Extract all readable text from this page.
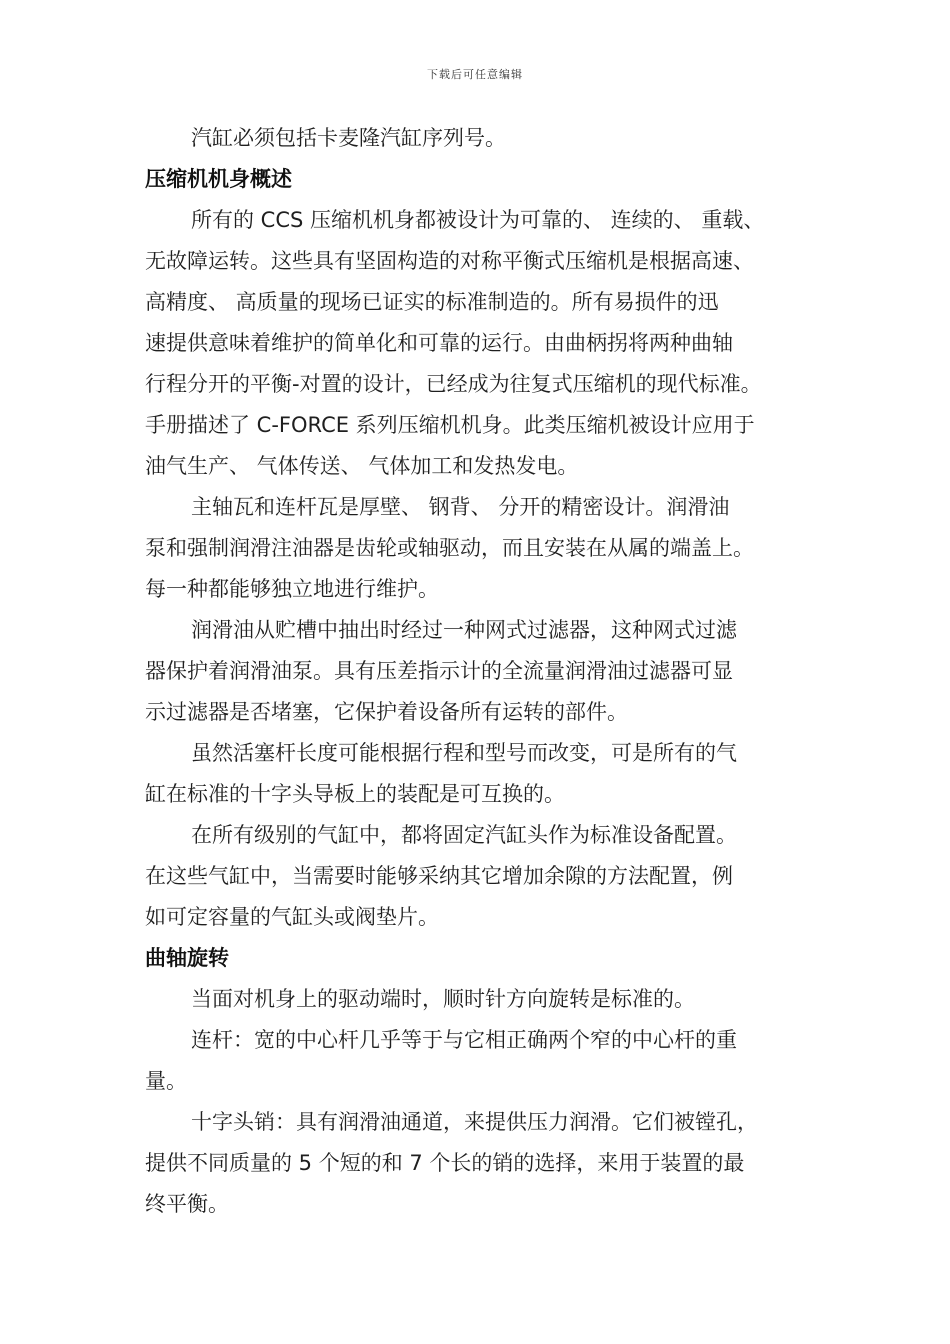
下载后可任意编辑
汽缸必须包括卡麦隆汽缸序列号。
压缩机机身概述
所有的 CCS 压缩机机身都被设计为可靠的、 连续的、 重载、
无故障运转。这些具有坚固构造的对称平衡式压缩机是根据高速、
高精度、 高质量的现场已证实的标准制造的。所有易损件的迅
速提供意味着维护的简单化和可靠的运行。由曲柄拐将两种曲轴
行程分开的平衡-对置的设计，已经成为往复式压缩机的现代标准。
手册描述了 C-FORCE 系列压缩机机身。此类压缩机被设计应用于
油气生产、 气体传送、 气体加工和发热发电。
主轴瓦和连杆瓦是厚壁、 钢背、 分开的精密设计。润滑油
泵和强制润滑注油器是齿轮或轴驱动，而且安装在从属的端盖上。
每一种都能够独立地进行维护。
润滑油从贮槽中抽出时经过一种网式过滤器，这种网式过滤
器保护着润滑油泵。具有压差指示计的全流量润滑油过滤器可显
示过滤器是否堵塞，它保护着设备所有运转的部件。
虽然活塞杆长度可能根据行程和型号而改变，可是所有的气
缸在标准的十字头导板上的装配是可互换的。
在所有级别的气缸中，都将固定汽缸头作为标准设备配置。
在这些气缸中，当需要时能够采纳其它增加余隙的方法配置，例
如可定容量的气缸头或阀垫片。
曲轴旋转
当面对机身上的驱动端时，顺时针方向旋转是标准的。
连杆：宽的中心杆几乎等于与它相正确两个窄的中心杆的重
量。
十字头销：具有润滑油通道，来提供压力润滑。它们被镗孔，
提供不同质量的 5 个短的和 7 个长的销的选择，来用于装置的最
终平衡。
